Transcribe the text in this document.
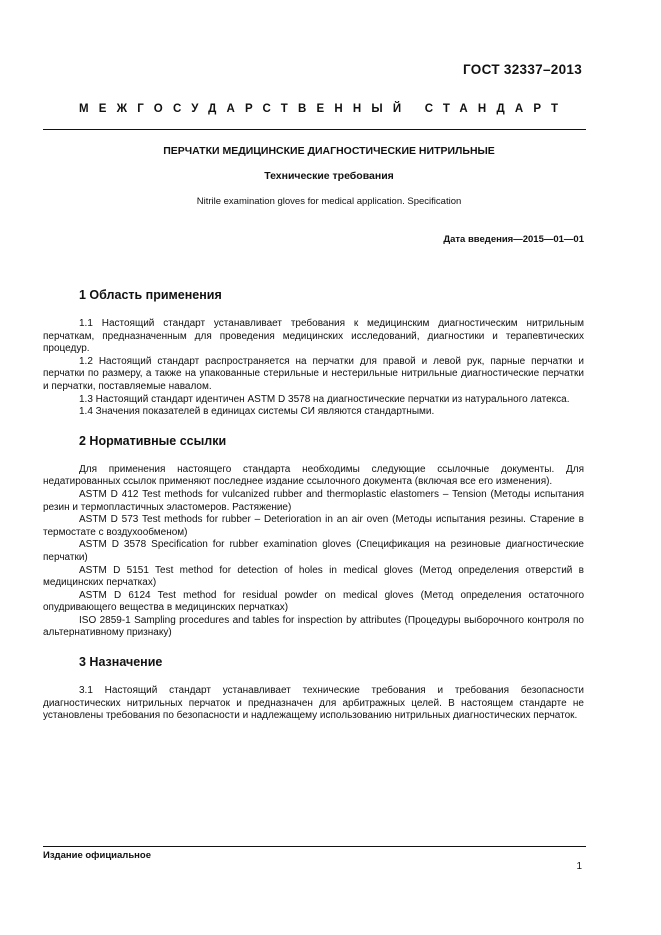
ГОСТ 32337–2013
МЕЖГОСУДАРСТВЕННЫЙ СТАНДАРТ
ПЕРЧАТКИ МЕДИЦИНСКИЕ ДИАГНОСТИЧЕСКИЕ НИТРИЛЬНЫЕ
Технические требования
Nitrile examination gloves for medical application. Specification
Дата введения—2015—01—01
1 Область применения

1.1 Настоящий стандарт устанавливает требования к медицинским диагностическим нитрильным перчаткам, предназначенным для проведения медицинских исследований, диагностики и терапевтических процедур.

1.2 Настоящий стандарт распространяется на перчатки для правой и левой рук, парные перчатки и перчатки по размеру, а также на упакованные стерильные и нестерильные нитрильные диагностические перчатки и перчатки, поставляемые навалом.

1.3 Настоящий стандарт идентичен ASTM D 3578 на диагностические перчатки из натурального латекса.

1.4 Значения показателей в единицах системы СИ являются стандартными.

2 Нормативные ссылки

Для применения настоящего стандарта необходимы следующие ссылочные документы. Для недатированных ссылок применяют последнее издание ссылочного документа (включая все его изменения).

ASTM D 412 Test methods for vulcanized rubber and thermoplastic elastomers – Tension (Методы испытания резин и термопластичных эластомеров. Растяжение)

ASTM D 573 Test methods for rubber – Deterioration in an air oven (Методы испытания резины. Старение в термостате с воздухообменом)

ASTM D 3578 Specification for rubber examination gloves (Спецификация на резиновые диагностические перчатки)

ASTM D 5151 Test method for detection of holes in medical gloves (Метод определения отверстий в медицинских перчатках)

ASTM D 6124 Test method for residual powder on medical gloves (Метод определения остаточного опудривающего вещества в медицинских перчатках)

ISO 2859-1 Sampling procedures and tables for inspection by attributes (Процедуры выборочного контроля по альтернативному признаку)

3 Назначение

3.1 Настоящий стандарт устанавливает технические требования и требования безопасности диагностических нитрильных перчаток и предназначен для арбитражных целей. В настоящем стандарте не установлены требования по безопасности и надлежащему использованию нитрильных диагностических перчаток.

Издание официальное
1
